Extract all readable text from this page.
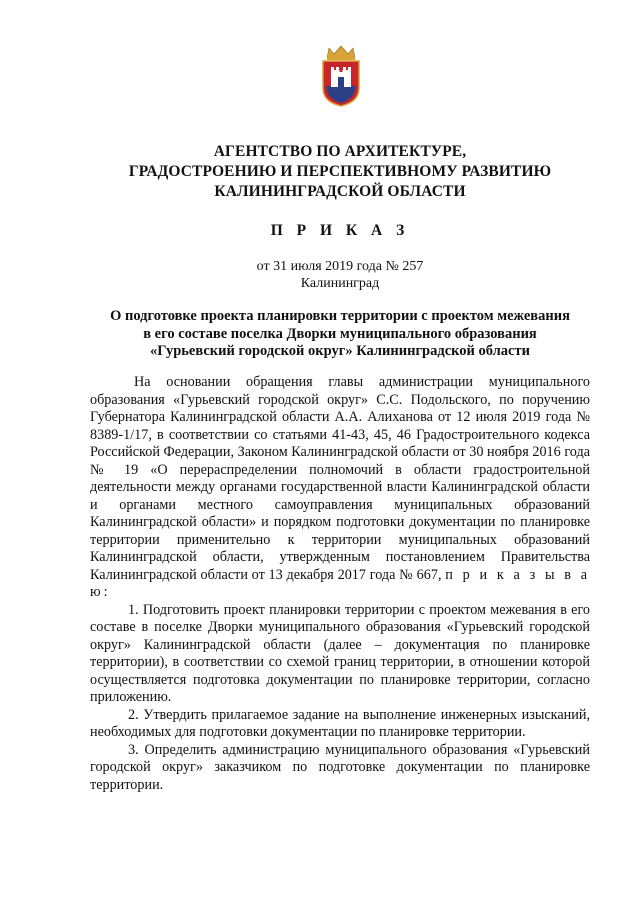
АГЕНТСТВО ПО АРХИТЕКТУРЕ,
ГРАДОСТРОЕНИЮ И ПЕРСПЕКТИВНОМУ РАЗВИТИЮ
КАЛИНИНГРАДСКОЙ ОБЛАСТИ
П Р И К А З
от 31 июля 2019 года № 257
Калининград
О подготовке проекта планировки территории с проектом межевания
в его составе поселка Дворки муниципального образования
«Гурьевский городской округ» Калининградской области

На основании обращения главы администрации муниципального образования «Гурьевский городской округ» С.С. Подольского, по поручению Губернатора Калининградской области А.А. Алиханова от 12 июля 2019 года № 8389-1/17, в соответствии со статьями 41-43, 45, 46 Градостроительного кодекса Российской Федерации, Законом Калининградской области от 30 ноября 2016 года № 19 «О перераспределении полномочий в области градостроительной деятельности между органами государственной власти Калининградской области и органами местного самоуправления муниципальных образований Калининградской области» и порядком подготовки документации по планировке территории применительно к территории муниципальных образований Калининградской области, утвержденным постановлением Правительства Калининградской области от 13 декабря 2017 года № 667, п р и к а з ы в а ю:

1. Подготовить проект планировки территории с проектом межевания в его составе в поселке Дворки муниципального образования «Гурьевский городской округ» Калининградской области (далее – документация по планировке территории), в соответствии со схемой границ территории, в отношении которой осуществляется подготовка документации по планировке территории, согласно приложению.

2. Утвердить прилагаемое задание на выполнение инженерных изысканий, необходимых для подготовки документации по планировке территории.

3. Определить администрацию муниципального образования «Гурьевский городской округ» заказчиком по подготовке документации по планировке территории.
